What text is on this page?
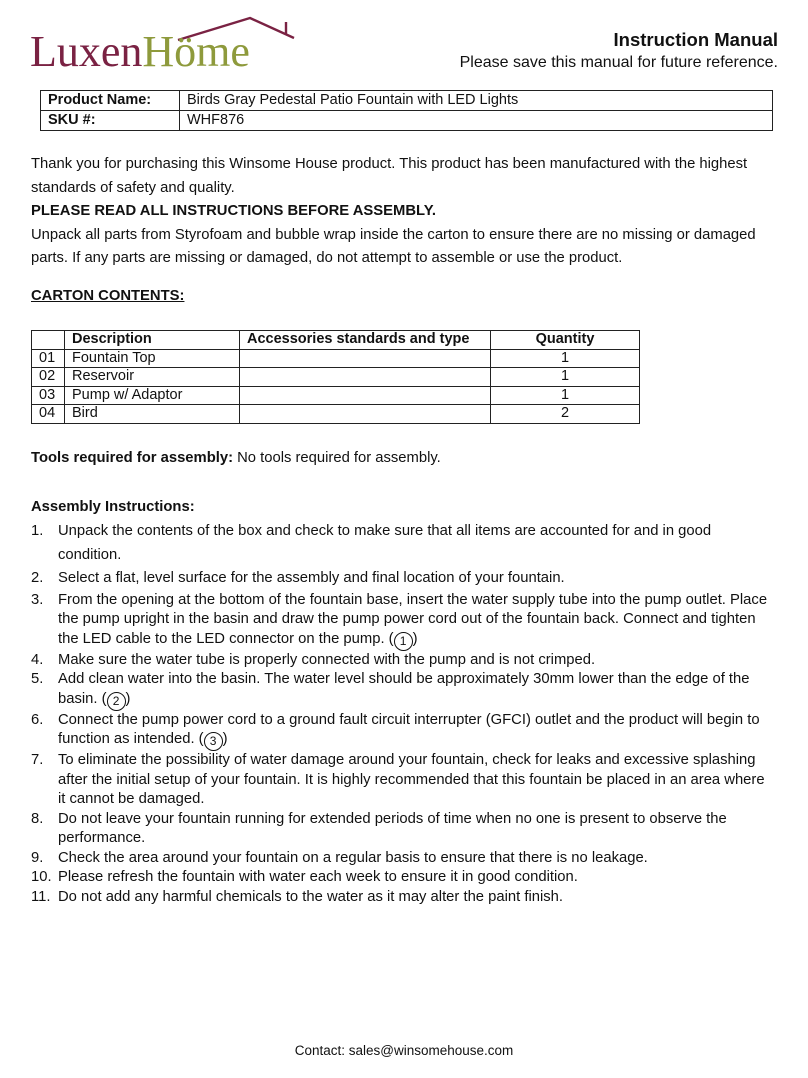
LuxenHöme	Instruction Manual
Please save this manual for future reference.
Product Name:	Birds Gray Pedestal Patio Fountain with LED Lights
SKU #:	WHF876

Thank you for purchasing this Winsome House product. This product has been manufactured with the highest standards of safety and quality.

PLEASE READ ALL INSTRUCTIONS BEFORE ASSEMBLY.

Unpack all parts from Styrofoam and bubble wrap inside the carton to ensure there are no missing or damaged parts. If any parts are missing or damaged, do not attempt to assemble or use the product.

CARTON CONTENTS:
	Description	Accessories standards and type	Quantity
01	Fountain Top		1
02	Reservoir		1
03	Pump w/ Adaptor		1
04	Bird		2
Tools required for assembly: No tools required for assembly.
Assembly Instructions:
1. Unpack the contents of the box and check to make sure that all items are accounted for and in good condition.
2. Select a flat, level surface for the assembly and final location of your fountain.
3. From the opening at the bottom of the fountain base, insert the water supply tube into the pump outlet. Place the pump upright in the basin and draw the pump power cord out of the fountain back. Connect and tighten the LED cable to the LED connector on the pump. ( 1 )
4. Make sure the water tube is properly connected with the pump and is not crimped.
5. Add clean water into the basin. The water level should be approximately 30mm lower than the edge of the basin. ( 2 )
6. Connect the pump power cord to a ground fault circuit interrupter (GFCI) outlet and the product will begin to function as intended. ( 3 )
7. To eliminate the possibility of water damage around your fountain, check for leaks and excessive splashing after the initial setup of your fountain. It is highly recommended that this fountain be placed in an area where it cannot be damaged.
8. Do not leave your fountain running for extended periods of time when no one is present to observe the performance.
9. Check the area around your fountain on a regular basis to ensure that there is no leakage.
10. Please refresh the fountain with water each week to ensure it in good condition.
11. Do not add any harmful chemicals to the water as it may alter the paint finish.
Contact: sales@winsomehouse.com
